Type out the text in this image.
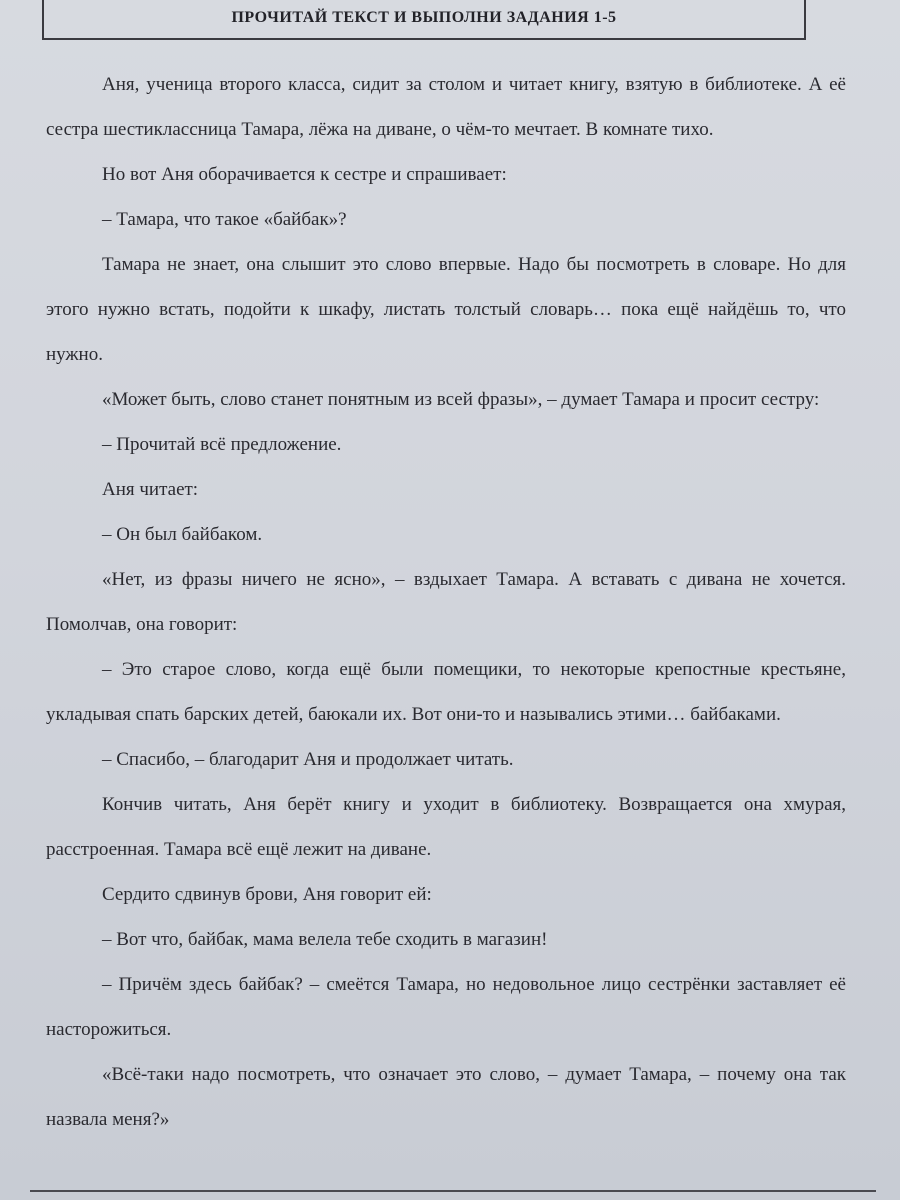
ПРОЧИТАЙ ТЕКСТ И ВЫПОЛНИ ЗАДАНИЯ 1-5

Аня, ученица второго класса, сидит за столом и читает книгу, взятую в библиотеке. А её сестра шестиклассница Тамара, лёжа на диване, о чём-то мечтает. В комнате тихо.

Но вот Аня оборачивается к сестре и спрашивает:

– Тамара, что такое «байбак»?

Тамара не знает, она слышит это слово впервые. Надо бы посмотреть в словаре. Но для этого нужно встать, подойти к шкафу, листать толстый словарь… пока ещё найдёшь то, что нужно.

«Может быть, слово станет понятным из всей фразы», – думает Тамара и просит сестру:

– Прочитай всё предложение.

Аня читает:

– Он был байбаком.

«Нет, из фразы ничего не ясно», – вздыхает Тамара. А вставать с дивана не хочется. Помолчав, она говорит:

– Это старое слово, когда ещё были помещики, то некоторые крепостные крестьяне, укладывая спать барских детей, баюкали их. Вот они-то и назывались этими… байбаками.

– Спасибо, – благодарит Аня и продолжает читать.

Кончив читать, Аня берёт книгу и уходит в библиотеку. Возвращается она хмурая, расстроенная. Тамара всё ещё лежит на диване.

Сердито сдвинув брови, Аня говорит ей:

– Вот что, байбак, мама велела тебе сходить в магазин!

– Причём здесь байбак? – смеётся Тамара, но недовольное лицо сестрёнки заставляет её насторожиться.

«Всё-таки надо посмотреть, что означает это слово, – думает Тамара, – почему она так назвала меня?»
